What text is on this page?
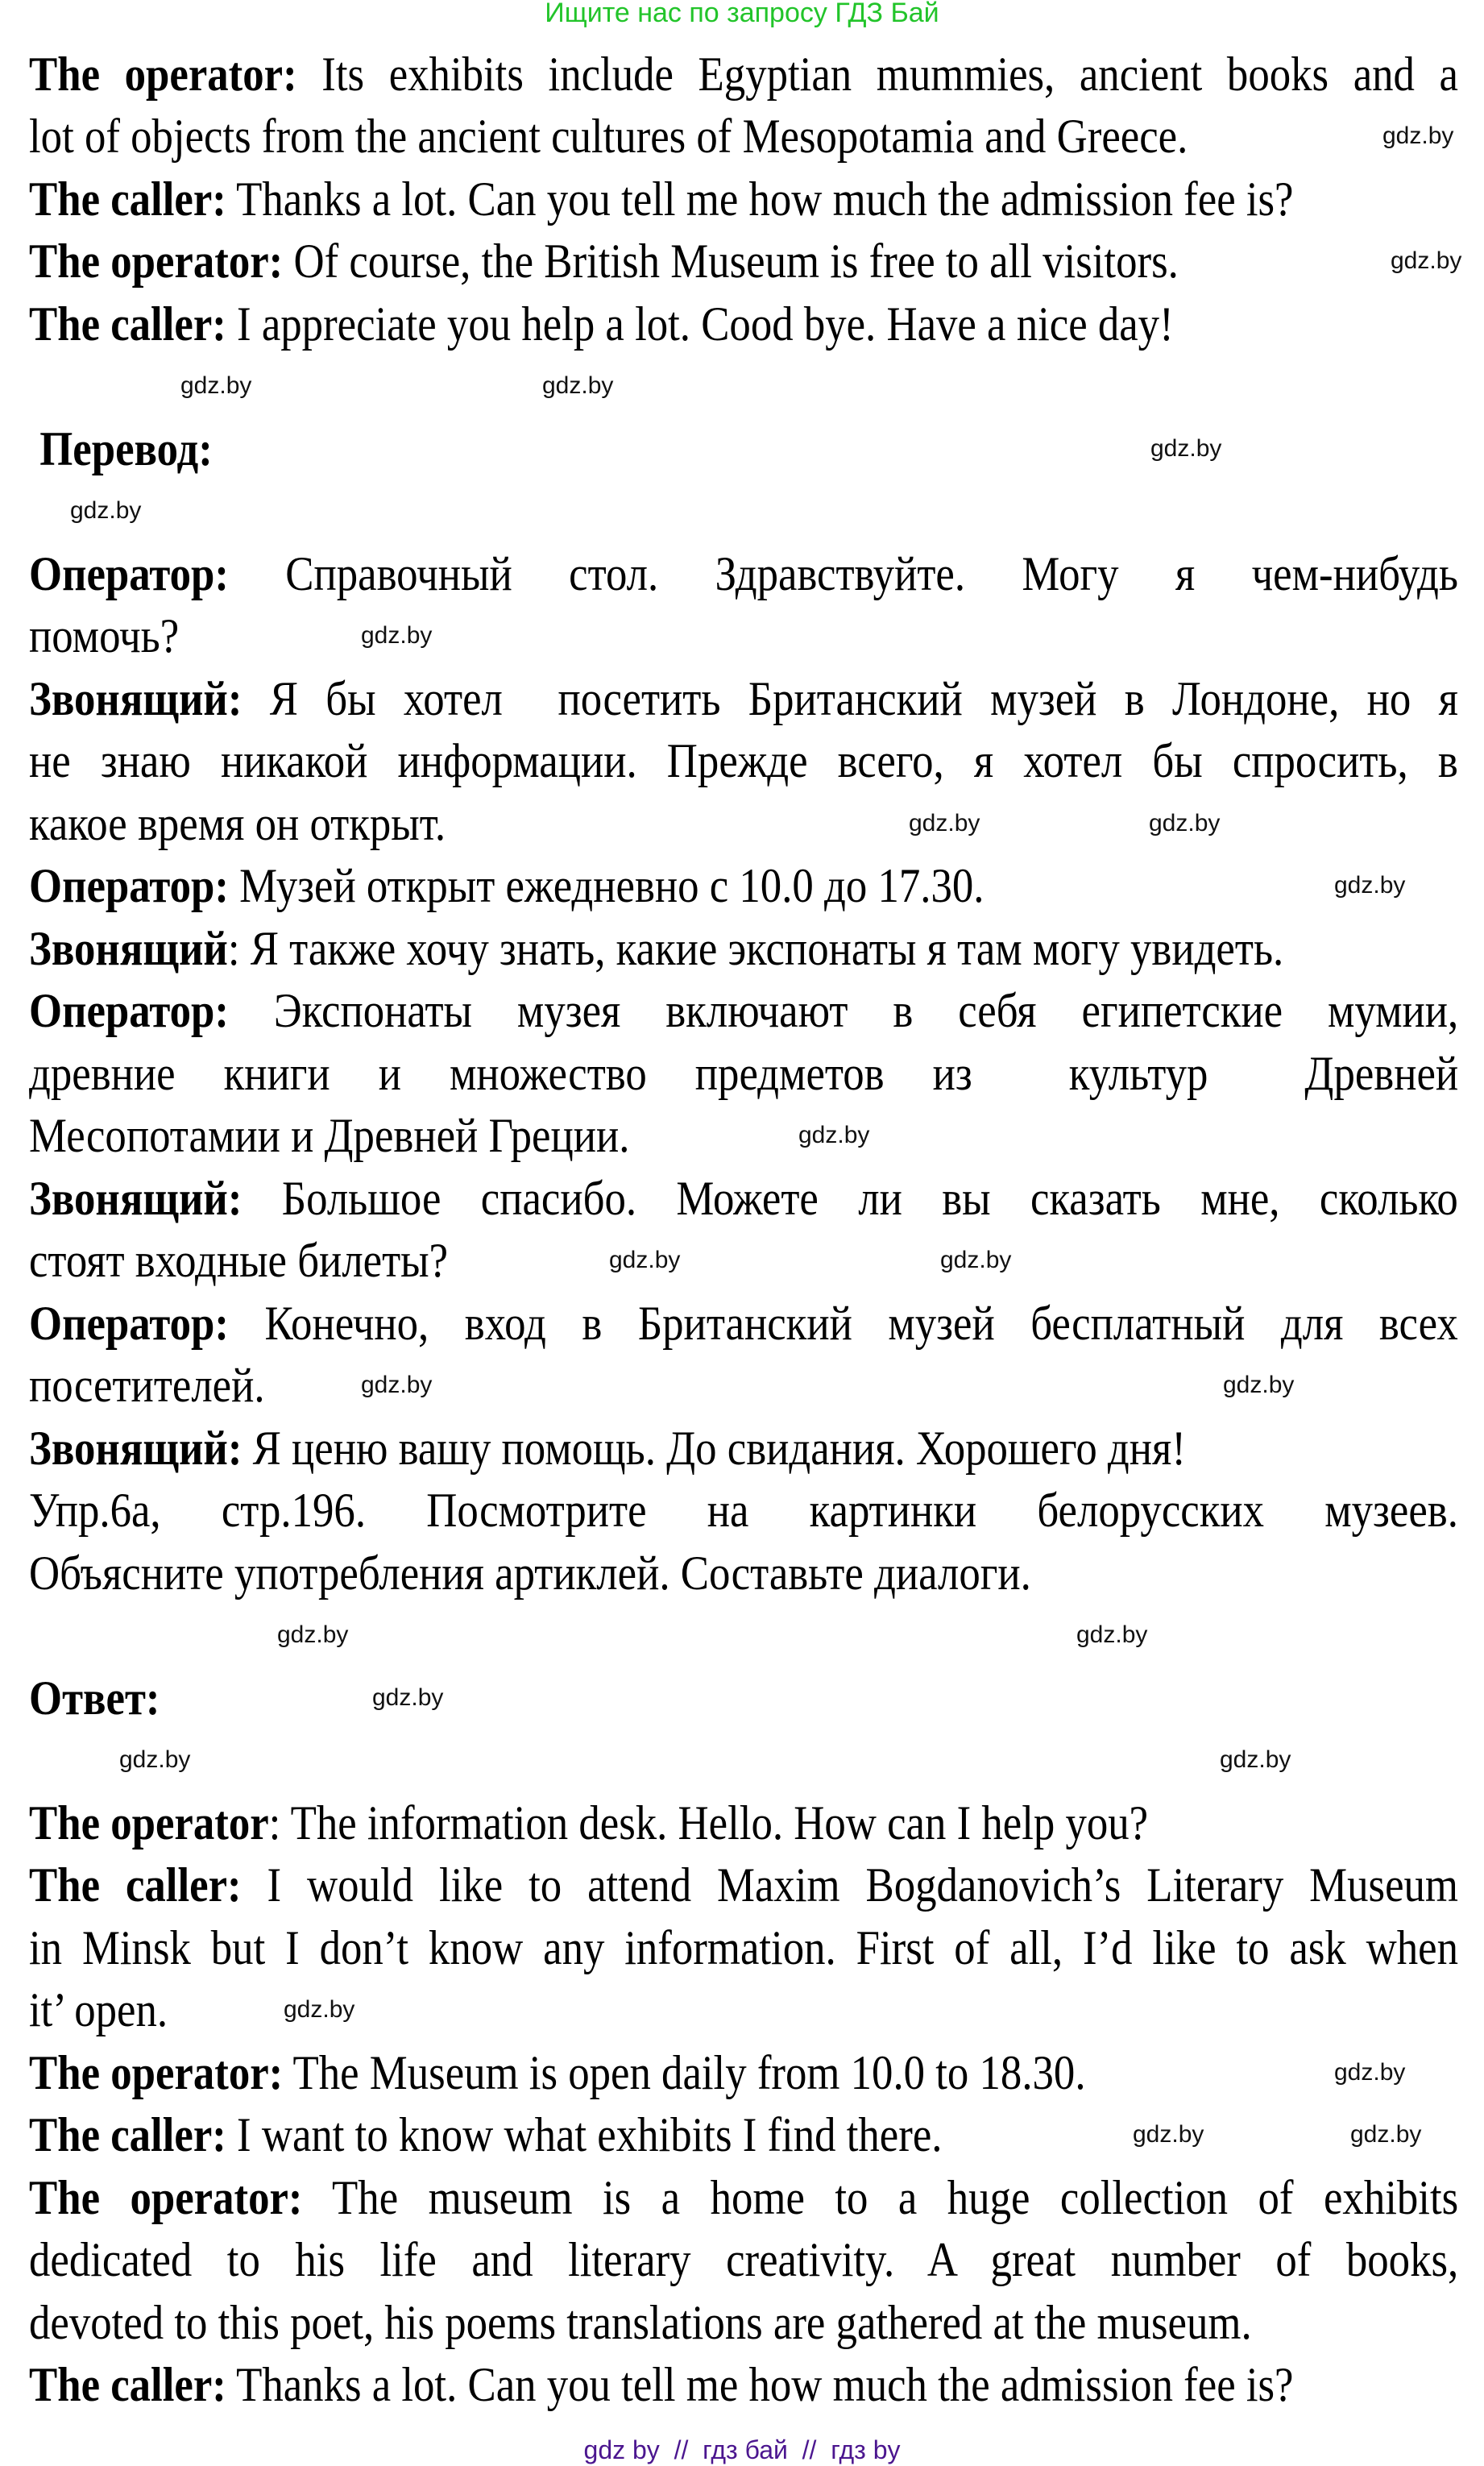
Ищите нас по запросу ГДЗ Бай
The operator: Its exhibits include Egyptian mummies, ancient books and a
lot of objects from the ancient cultures of Mesopotamia and Greece.
The caller: Thanks a lot. Can you tell me how much the admission fee is?
The operator: Of course, the British Museum is free to all visitors.
The caller: I appreciate you help a lot. Cood bye. Have a nice day!
Перевод:
Оператор: Справочный стол. Здравствуйте. Могу я чем-нибудь
помочь?
Звонящий: Я бы хотел  посетить Британский музей в Лондоне, но я
не знаю никакой информации. Прежде всего, я хотел бы спросить, в
какое время он открыт.
Оператор: Музей открыт ежедневно с 10.0 до 17.30.
Звонящий: Я также хочу знать, какие экспонаты я там могу увидеть.
Оператор: Экспонаты музея включают в себя египетские мумии,
древние книги и множество предметов из  культур  Древней
Месопотамии и Древней Греции.
Звонящий: Большое спасибо. Можете ли вы сказать мне, сколько
стоят входные билеты?
Оператор: Конечно, вход в Британский музей бесплатный для всех
посетителей.
Звонящий: Я ценю вашу помощь. До свидания. Хорошего дня!
Упр.6а, стр.196. Посмотрите на картинки белорусских музеев.
Объясните употребления артиклей. Составьте диалоги.
Ответ:
The operator: The information desk. Hello. How can I help you?
The caller: I would like to attend Maxim Bogdanovich’s Literary Museum
in Minsk but I don’t know any information. First of all, I’d like to ask when
it’ open.
The operator: The Museum is open daily from 10.0 to 18.30.
The caller: I want to know what exhibits I find there.
The operator: The museum is a home to a huge collection of exhibits
dedicated to his life and literary creativity. A great number of books,
devoted to this poet, his poems translations are gathered at the museum.
The caller: Thanks a lot. Can you tell me how much the admission fee is?
gdz.by
gdz.by
gdz.by	gdz.by
gdz.by
gdz.by
gdz.by
gdz.by	gdz.by
gdz.by
gdz.by
gdz.by	gdz.by
gdz.by	gdz.by
gdz.by	gdz.by
gdz.by
gdz.by
gdz.by
gdz.by
gdz.by	gdz.by
gdz.by
gdz by  //  гдз бай  //  гдз by
